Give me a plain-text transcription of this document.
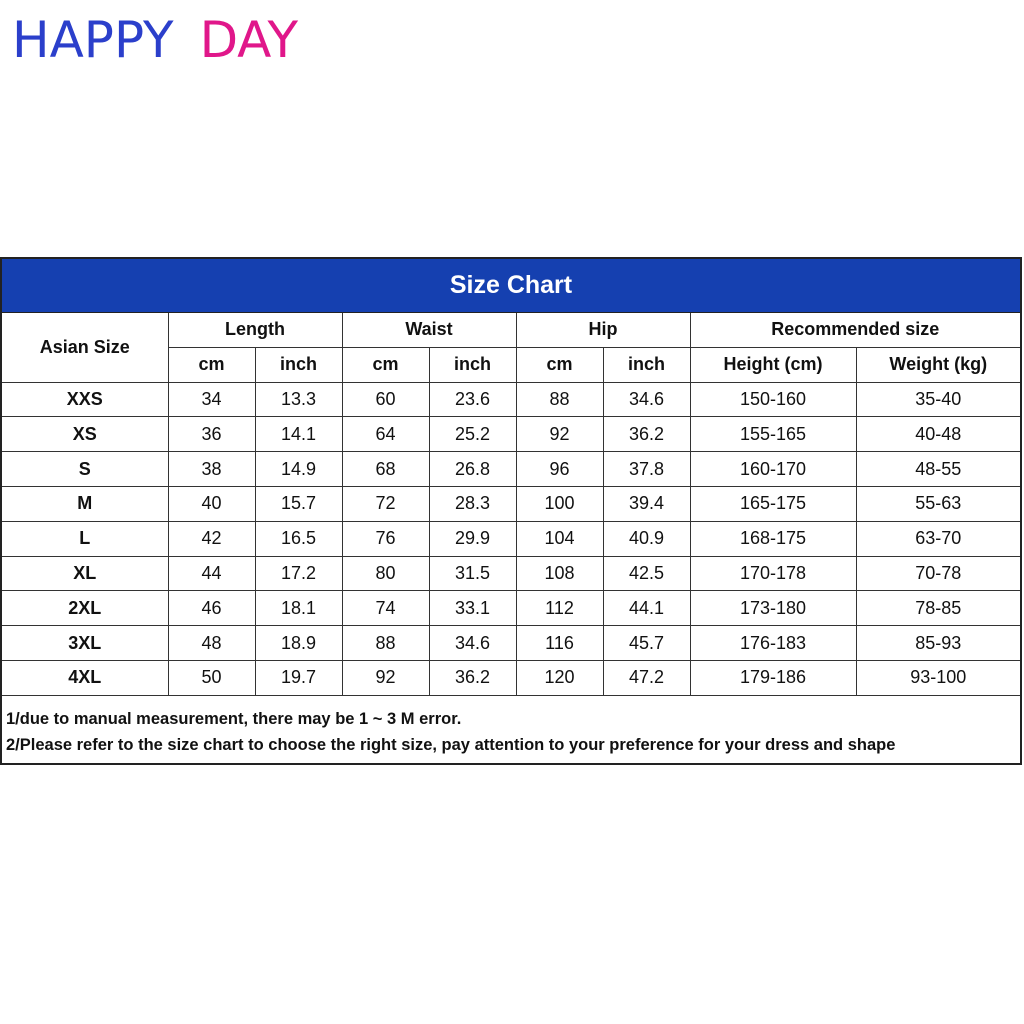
HAPPY DAY
Size Chart
Asian Size	Length		Waist		Hip		Recommended size	
	cm	inch	cm	inch	cm	inch	Height (cm)	Weight (kg)
XXS	34	13.3	60	23.6	88	34.6	150-160	35-40
XS	36	14.1	64	25.2	92	36.2	155-165	40-48
S	38	14.9	68	26.8	96	37.8	160-170	48-55
M	40	15.7	72	28.3	100	39.4	165-175	55-63
L	42	16.5	76	29.9	104	40.9	168-175	63-70
XL	44	17.2	80	31.5	108	42.5	170-178	70-78
2XL	46	18.1	74	33.1	112	44.1	173-180	78-85
3XL	48	18.9	88	34.6	116	45.7	176-183	85-93
4XL	50	19.7	92	36.2	120	47.2	179-186	93-100
1/due to manual measurement, there may be 1 ~ 3 M error.
2/Please refer to the size chart to choose the right size, pay attention to your preference for your dress and shape
